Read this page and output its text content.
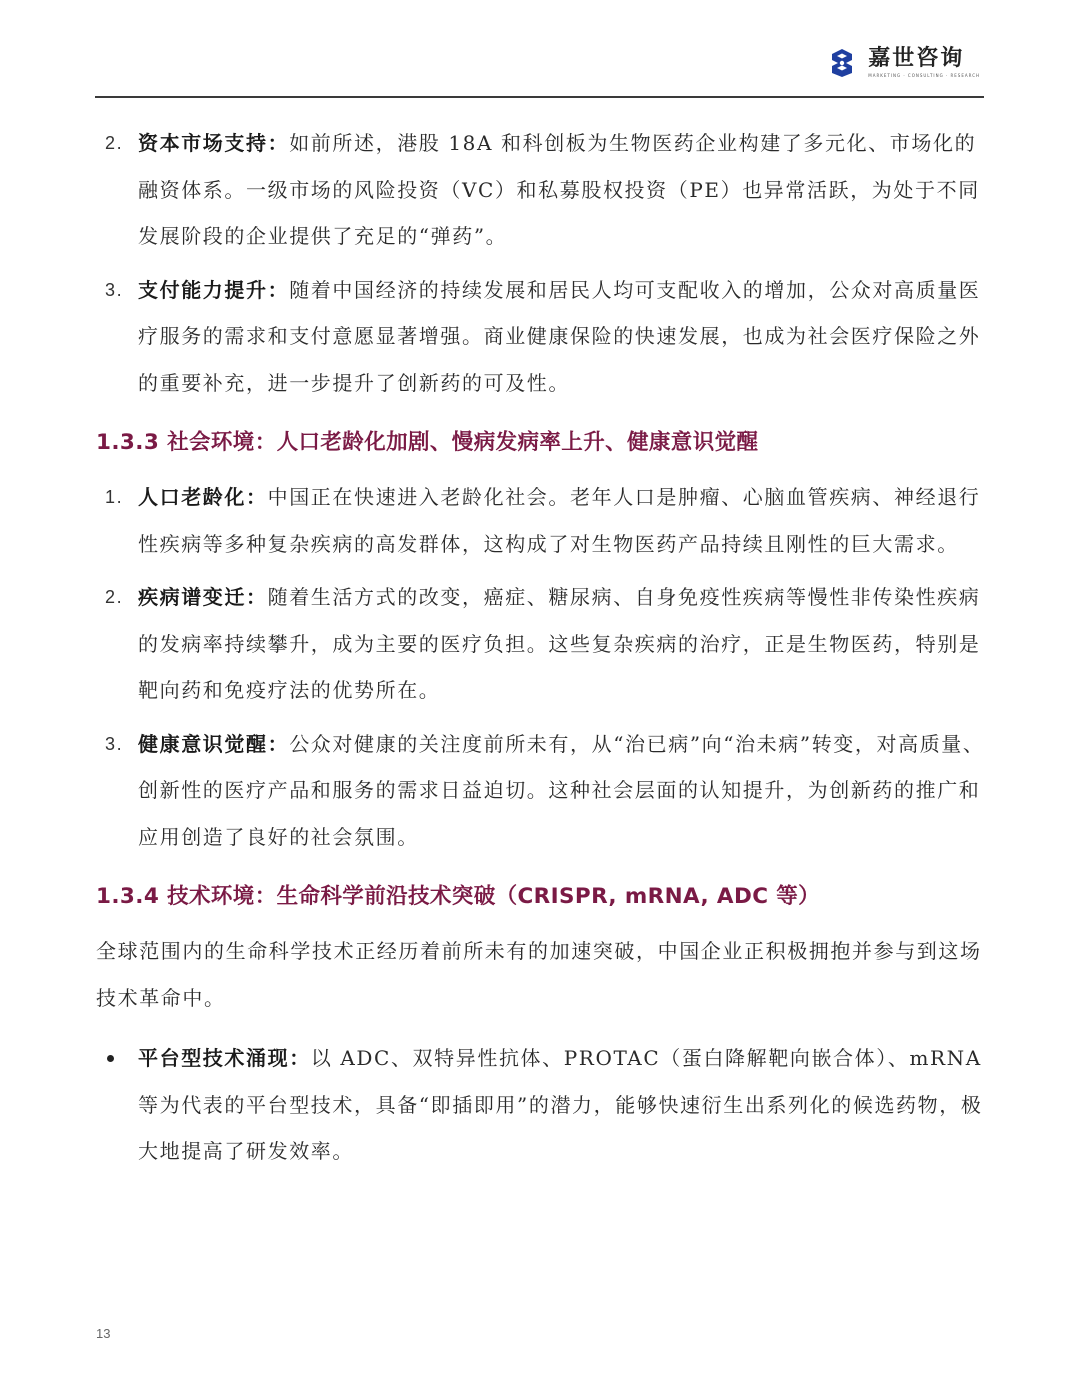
嘉世咨询
MARKETING · CONSULTING · RESEARCH
2. 资本市场支持：如前所述，港股 18A 和科创板为生物医药企业构建了多元化、市场化的融资体系。一级市场的风险投资（VC）和私募股权投资（PE）也异常活跃，为处于不同发展阶段的企业提供了充足的“弹药”。
3. 支付能力提升：随着中国经济的持续发展和居民人均可支配收入的增加，公众对高质量医疗服务的需求和支付意愿显著增强。商业健康保险的快速发展，也成为社会医疗保险之外的重要补充，进一步提升了创新药的可及性。
1.3.3 社会环境：人口老龄化加剧、慢病发病率上升、健康意识觉醒
1. 人口老龄化：中国正在快速进入老龄化社会。老年人口是肿瘤、心脑血管疾病、神经退行性疾病等多种复杂疾病的高发群体，这构成了对生物医药产品持续且刚性的巨大需求。
2. 疾病谱变迁：随着生活方式的改变，癌症、糖尿病、自身免疫性疾病等慢性非传染性疾病的发病率持续攀升，成为主要的医疗负担。这些复杂疾病的治疗，正是生物医药，特别是靶向药和免疫疗法的优势所在。
3. 健康意识觉醒：公众对健康的关注度前所未有，从“治已病”向“治未病”转变，对高质量、创新性的医疗产品和服务的需求日益迫切。这种社会层面的认知提升，为创新药的推广和应用创造了良好的社会氛围。
1.3.4 技术环境：生命科学前沿技术突破（CRISPR, mRNA, ADC 等）
全球范围内的生命科学技术正经历着前所未有的加速突破，中国企业正积极拥抱并参与到这场技术革命中。
平台型技术涌现：以 ADC、双特异性抗体、PROTAC（蛋白降解靶向嵌合体）、mRNA 等为代表的平台型技术，具备“即插即用”的潜力，能够快速衍生出系列化的候选药物，极大地提高了研发效率。
13
